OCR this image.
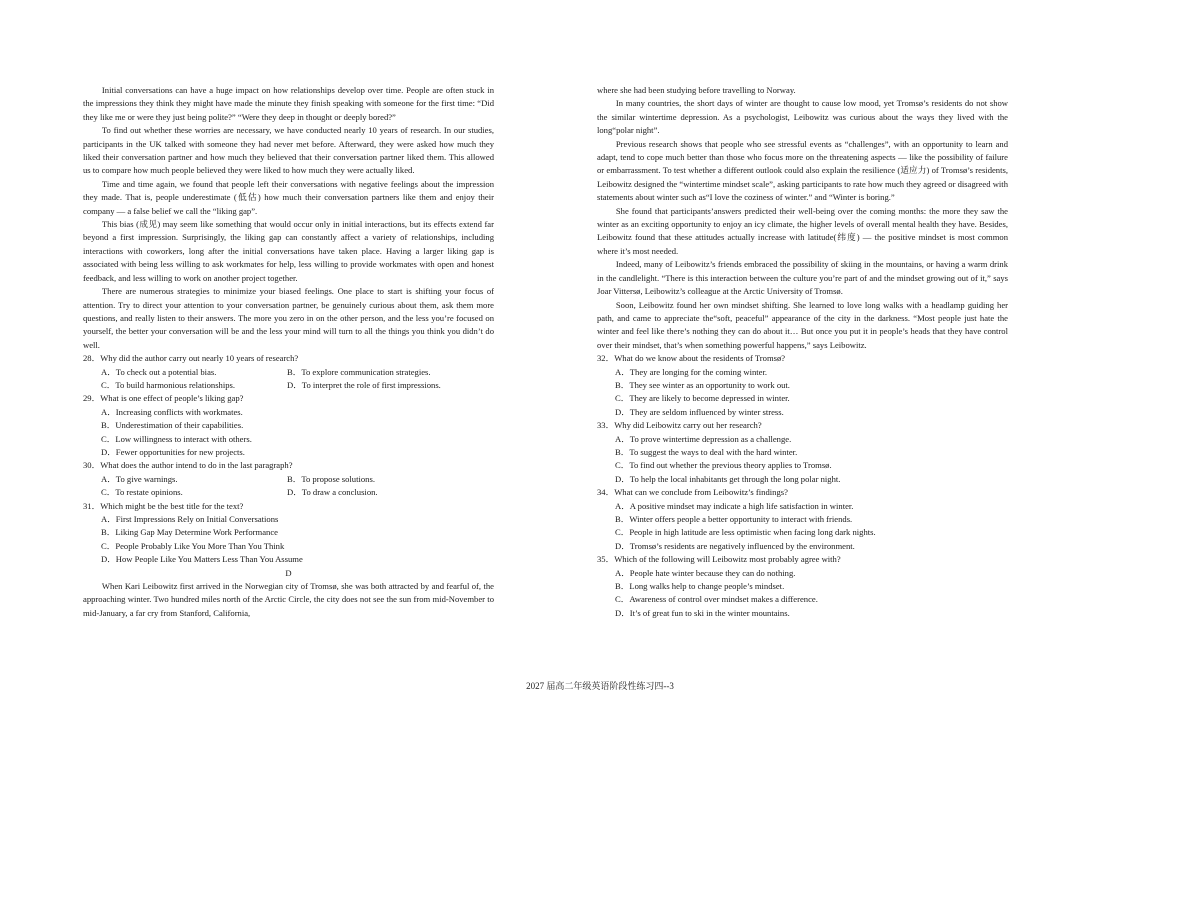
Initial conversations can have a huge impact on how relationships develop over time. People are often stuck in the impressions they think they might have made the minute they finish speaking with someone for the first time: “Did they like me or were they just being polite?” “Were they deep in thought or deeply bored?”

To find out whether these worries are necessary, we have conducted nearly 10 years of research. In our studies, participants in the UK talked with someone they had never met before. Afterward, they were asked how much they liked their conversation partner and how much they believed that their conversation partner liked them. This allowed us to compare how much people believed they were liked to how much they were actually liked.

Time and time again, we found that people left their conversations with negative feelings about the impression they made. That is, people underestimate (低估) how much their conversation partners like them and enjoy their company — a false belief we call the “liking gap”.

This bias (成见) may seem like something that would occur only in initial interactions, but its effects extend far beyond a first impression. Surprisingly, the liking gap can constantly affect a variety of relationships, including interactions with coworkers, long after the initial conversations have taken place. Having a larger liking gap is associated with being less willing to ask workmates for help, less willing to provide workmates with open and honest feedback, and less willing to work on another project together.

There are numerous strategies to minimize your biased feelings. One place to start is shifting your focus of attention. Try to direct your attention to your conversation partner, be genuinely curious about them, ask them more questions, and really listen to their answers. The more you zero in on the other person, and the less you’re focused on yourself, the better your conversation will be and the less your mind will turn to all the things you think you didn’t do well.

28．Why did the author carry out nearly 10 years of research?

A．To check out a potential bias.	B．To explore communication strategies.
C．To build harmonious relationships.	D．To interpret the role of first impressions.

29．What is one effect of people’s liking gap?

A．Increasing conflicts with workmates.

B．Underestimation of their capabilities.

C．Low willingness to interact with others.

D．Fewer opportunities for new projects.

30．What does the author intend to do in the last paragraph?

A．To give warnings.	B．To propose solutions.
C．To restate opinions.	D．To draw a conclusion.

31．Which might be the best title for the text?

A．First Impressions Rely on Initial Conversations

B．Liking Gap May Determine Work Performance

C．People Probably Like You More Than You Think

D．How People Like You Matters Less Than You Assume

D

When Kari Leibowitz first arrived in the Norwegian city of Tromsø, she was both attracted by and fearful of, the approaching winter. Two hundred miles north of the Arctic Circle, the city does not see the sun from mid-November to mid-January, a far cry from Stanford, California,

where she had been studying before travelling to Norway.

In many countries, the short days of winter are thought to cause low mood, yet Tromsø’s residents do not show the similar wintertime depression. As a psychologist, Leibowitz was curious about the ways they lived with the long“polar night”.

Previous research shows that people who see stressful events as “challenges”, with an opportunity to learn and adapt, tend to cope much better than those who focus more on the threatening aspects — like the possibility of failure or embarrassment. To test whether a different outlook could also explain the resilience (适应力) of Tromsø’s residents, Leibowitz designed the “wintertime mindset scale”, asking participants to rate how much they agreed or disagreed with statements about winter such as“I love the coziness of winter.” and “Winter is boring.”

She found that participants’answers predicted their well-being over the coming months: the more they saw the winter as an exciting opportunity to enjoy an icy climate, the higher levels of overall mental health they have. Besides, Leibowitz found that these attitudes actually increase with latitude(纬度) — the positive mindset is most common where it’s most needed.

Indeed, many of Leibowitz’s friends embraced the possibility of skiing in the mountains, or having a warm drink in the candlelight. “There is this interaction between the culture you’re part of and the mindset growing out of it,” says Joar Vittersø, Leibowitz’s colleague at the Arctic University of Tromsø.

Soon, Leibowitz found her own mindset shifting. She learned to love long walks with a headlamp guiding her path, and came to appreciate the“soft, peaceful” appearance of the city in the darkness. “Most people just hate the winter and feel like there’s nothing they can do about it… But once you put it in people’s heads that they have control over their mindset, that’s when something powerful happens,” says Leibowitz.

32．What do we know about the residents of Tromsø?

A．They are longing for the coming winter.

B．They see winter as an opportunity to work out.

C．They are likely to become depressed in winter.

D．They are seldom influenced by winter stress.

33．Why did Leibowitz carry out her research?

A．To prove wintertime depression as a challenge.

B．To suggest the ways to deal with the hard winter.

C．To find out whether the previous theory applies to Tromsø.

D．To help the local inhabitants get through the long polar night.

34．What can we conclude from Leibowitz’s findings?

A．A positive mindset may indicate a high life satisfaction in winter.

B．Winter offers people a better opportunity to interact with friends.

C．People in high latitude are less optimistic when facing long dark nights.

D．Tromsø’s residents are negatively influenced by the environment.

35．Which of the following will Leibowitz most probably agree with?

A．People hate winter because they can do nothing.

B．Long walks help to change people’s mindset.

C．Awareness of control over mindset makes a difference.

D．It’s of great fun to ski in the winter mountains.

2027 届高二年级英语阶段性练习四--3
